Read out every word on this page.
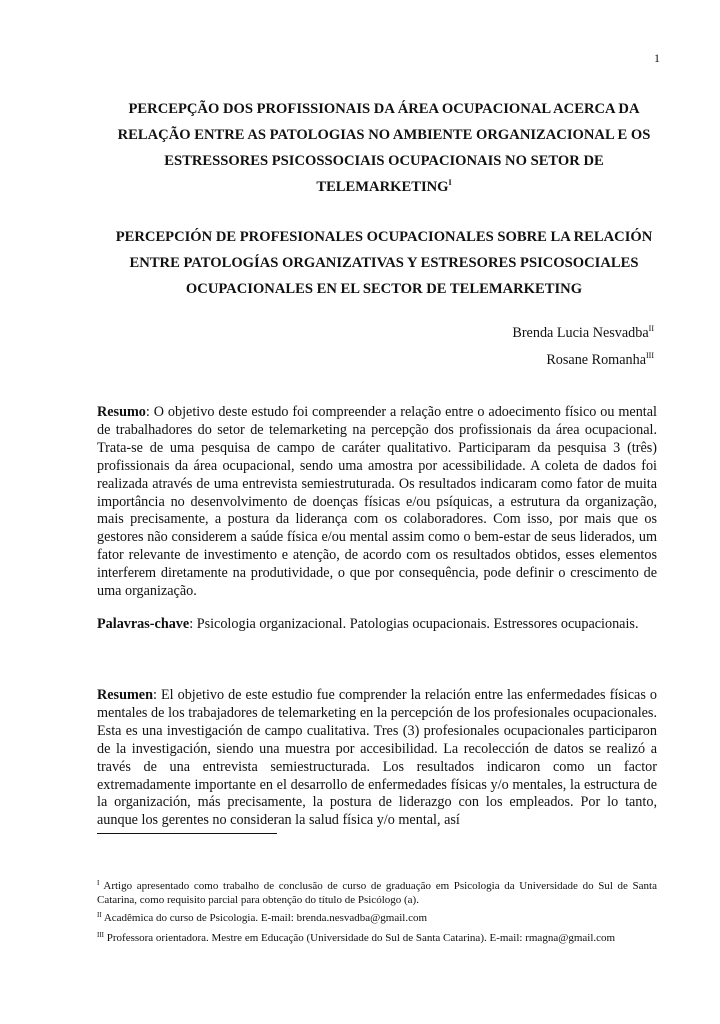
1
PERCEPÇÃO DOS PROFISSIONAIS DA ÁREA OCUPACIONAL ACERCA DA RELAÇÃO ENTRE AS PATOLOGIAS NO AMBIENTE ORGANIZACIONAL E OS ESTRESSORES PSICOSSOCIAIS OCUPACIONAIS NO SETOR DE $TELEMARKETING^I$
PERCEPCIÓN DE PROFESIONALES OCUPACIONALES SOBRE LA RELACIÓN ENTRE PATOLOGÍAS ORGANIZATIVAS Y ESTRESORES PSICOSOCIALES OCUPACIONALES EN EL SECTOR DE TELEMARKETING
Brenda Lucia Nesvadba$^{II}$
Rosane Romanha$^{III}$

Resumo: O objetivo deste estudo foi compreender a relação entre o adoecimento físico ou mental de trabalhadores do setor de telemarketing na percepção dos profissionais da área ocupacional. Trata-se de uma pesquisa de campo de caráter qualitativo. Participaram da pesquisa 3 (três) profissionais da área ocupacional, sendo uma amostra por acessibilidade. A coleta de dados foi realizada através de uma entrevista semiestruturada. Os resultados indicaram como fator de muita importância no desenvolvimento de doenças físicas e/ou psíquicas, a estrutura da organização, mais precisamente, a postura da liderança com os colaboradores. Com isso, por mais que os gestores não considerem a saúde física e/ou mental assim como o bem-estar de seus liderados, um fator relevante de investimento e atenção, de acordo com os resultados obtidos, esses elementos interferem diretamente na produtividade, o que por consequência, pode definir o crescimento de uma organização.

Palavras-chave: Psicologia organizacional. Patologias ocupacionais. Estressores ocupacionais.

Resumen: El objetivo de este estudio fue comprender la relación entre las enfermedades físicas o mentales de los trabajadores de telemarketing en la percepción de los profesionales ocupacionales. Esta es una investigación de campo cualitativa. Tres (3) profesionales ocupacionales participaron de la investigación, siendo una muestra por accesibilidad. La recolección de datos se realizó a través de una entrevista semiestructurada. Los resultados indicaron como un factor extremadamente importante en el desarrollo de enfermedades físicas y/o mentales, la estructura de la organización, más precisamente, la postura de liderazgo con los empleados. Por lo tanto, aunque los gerentes no consideran la salud física y/o mental, así

$^I$ Artigo apresentado como trabalho de conclusão de curso de graduação em Psicologia da Universidade do Sul de Santa Catarina, como requisito parcial para obtenção do título de Psicólogo (a).

$^{II}$ Acadêmica do curso de Psicologia. E-mail: brenda.nesvadba@gmail.com

$^{III}$ Professora orientadora. Mestre em Educação (Universidade do Sul de Santa Catarina). E-mail: rmagna@gmail.com
